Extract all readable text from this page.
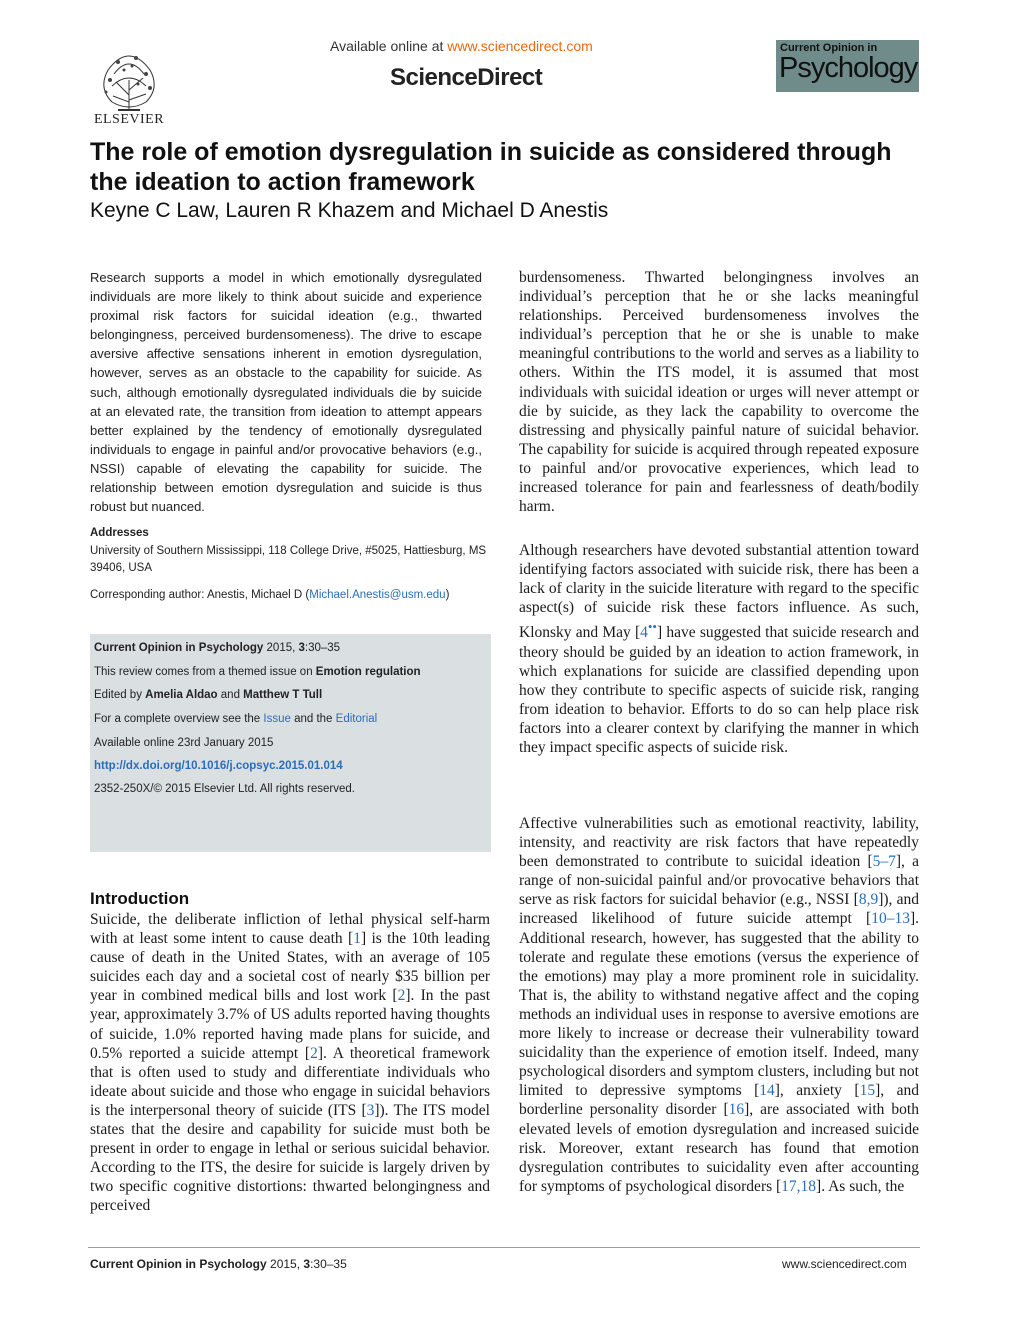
ELSEVIER
Available online at www.sciencedirect.com
ScienceDirect
Current Opinion in
Psychology
The role of emotion dysregulation in suicide as considered through the ideation to action framework
Keyne C Law, Lauren R Khazem and Michael D Anestis
Research supports a model in which emotionally dysregulated individuals are more likely to think about suicide and experience proximal risk factors for suicidal ideation (e.g., thwarted belongingness, perceived burdensomeness). The drive to escape aversive affective sensations inherent in emotion dysregulation, however, serves as an obstacle to the capability for suicide. As such, although emotionally dysregulated individuals die by suicide at an elevated rate, the transition from ideation to attempt appears better explained by the tendency of emotionally dysregulated individuals to engage in painful and/or provocative behaviors (e.g., NSSI) capable of elevating the capability for suicide. The relationship between emotion dysregulation and suicide is thus robust but nuanced.
Addresses
University of Southern Mississippi, 118 College Drive, #5025, Hattiesburg, MS 39406, USA
Corresponding author: Anestis, Michael D (Michael.Anestis@usm.edu)
Current Opinion in Psychology 2015, 3:30–35
This review comes from a themed issue on Emotion regulation
Edited by Amelia Aldao and Matthew T Tull
For a complete overview see the Issue and the Editorial
Available online 23rd January 2015
http://dx.doi.org/10.1016/j.copsyc.2015.01.014
2352-250X/© 2015 Elsevier Ltd. All rights reserved.
Introduction
Suicide, the deliberate infliction of lethal physical self-harm with at least some intent to cause death [1] is the 10th leading cause of death in the United States, with an average of 105 suicides each day and a societal cost of nearly $35 billion per year in combined medical bills and lost work [2]. In the past year, approximately 3.7% of US adults reported having thoughts of suicide, 1.0% reported having made plans for suicide, and 0.5% reported a suicide attempt [2]. A theoretical framework that is often used to study and differentiate individuals who ideate about suicide and those who engage in suicidal behaviors is the interpersonal theory of suicide (ITS [3]). The ITS model states that the desire and capability for suicide must both be present in order to engage in lethal or serious suicidal behavior. According to the ITS, the desire for suicide is largely driven by two specific cognitive distortions: thwarted belongingness and perceived
burdensomeness. Thwarted belongingness involves an individual’s perception that he or she lacks meaningful relationships. Perceived burdensomeness involves the individual’s perception that he or she is unable to make meaningful contributions to the world and serves as a liability to others. Within the ITS model, it is assumed that most individuals with suicidal ideation or urges will never attempt or die by suicide, as they lack the capability to overcome the distressing and physically painful nature of suicidal behavior. The capability for suicide is acquired through repeated exposure to painful and/or provocative experiences, which lead to increased tolerance for pain and fearlessness of death/bodily harm.
Although researchers have devoted substantial attention toward identifying factors associated with suicide risk, there has been a lack of clarity in the suicide literature with regard to the specific aspect(s) of suicide risk these factors influence. As such, Klonsky and May [4••] have suggested that suicide research and theory should be guided by an ideation to action framework, in which explanations for suicide are classified depending upon how they contribute to specific aspects of suicide risk, ranging from ideation to behavior. Efforts to do so can help place risk factors into a clearer context by clarifying the manner in which they impact specific aspects of suicide risk.
Affective vulnerabilities such as emotional reactivity, lability, intensity, and reactivity are risk factors that have repeatedly been demonstrated to contribute to suicidal ideation [5–7], a range of non-suicidal painful and/or provocative behaviors that serve as risk factors for suicidal behavior (e.g., NSSI [8,9]), and increased likelihood of future suicide attempt [10–13]. Additional research, however, has suggested that the ability to tolerate and regulate these emotions (versus the experience of the emotions) may play a more prominent role in suicidality. That is, the ability to withstand negative affect and the coping methods an individual uses in response to aversive emotions are more likely to increase or decrease their vulnerability toward suicidality than the experience of emotion itself. Indeed, many psychological disorders and symptom clusters, including but not limited to depressive symptoms [14], anxiety [15], and borderline personality disorder [16], are associated with both elevated levels of emotion dysregulation and increased suicide risk. Moreover, extant research has found that emotion dysregulation contributes to suicidality even after accounting for symptoms of psychological disorders [17,18]. As such, the
Current Opinion in Psychology 2015, 3:30–35	www.sciencedirect.com
